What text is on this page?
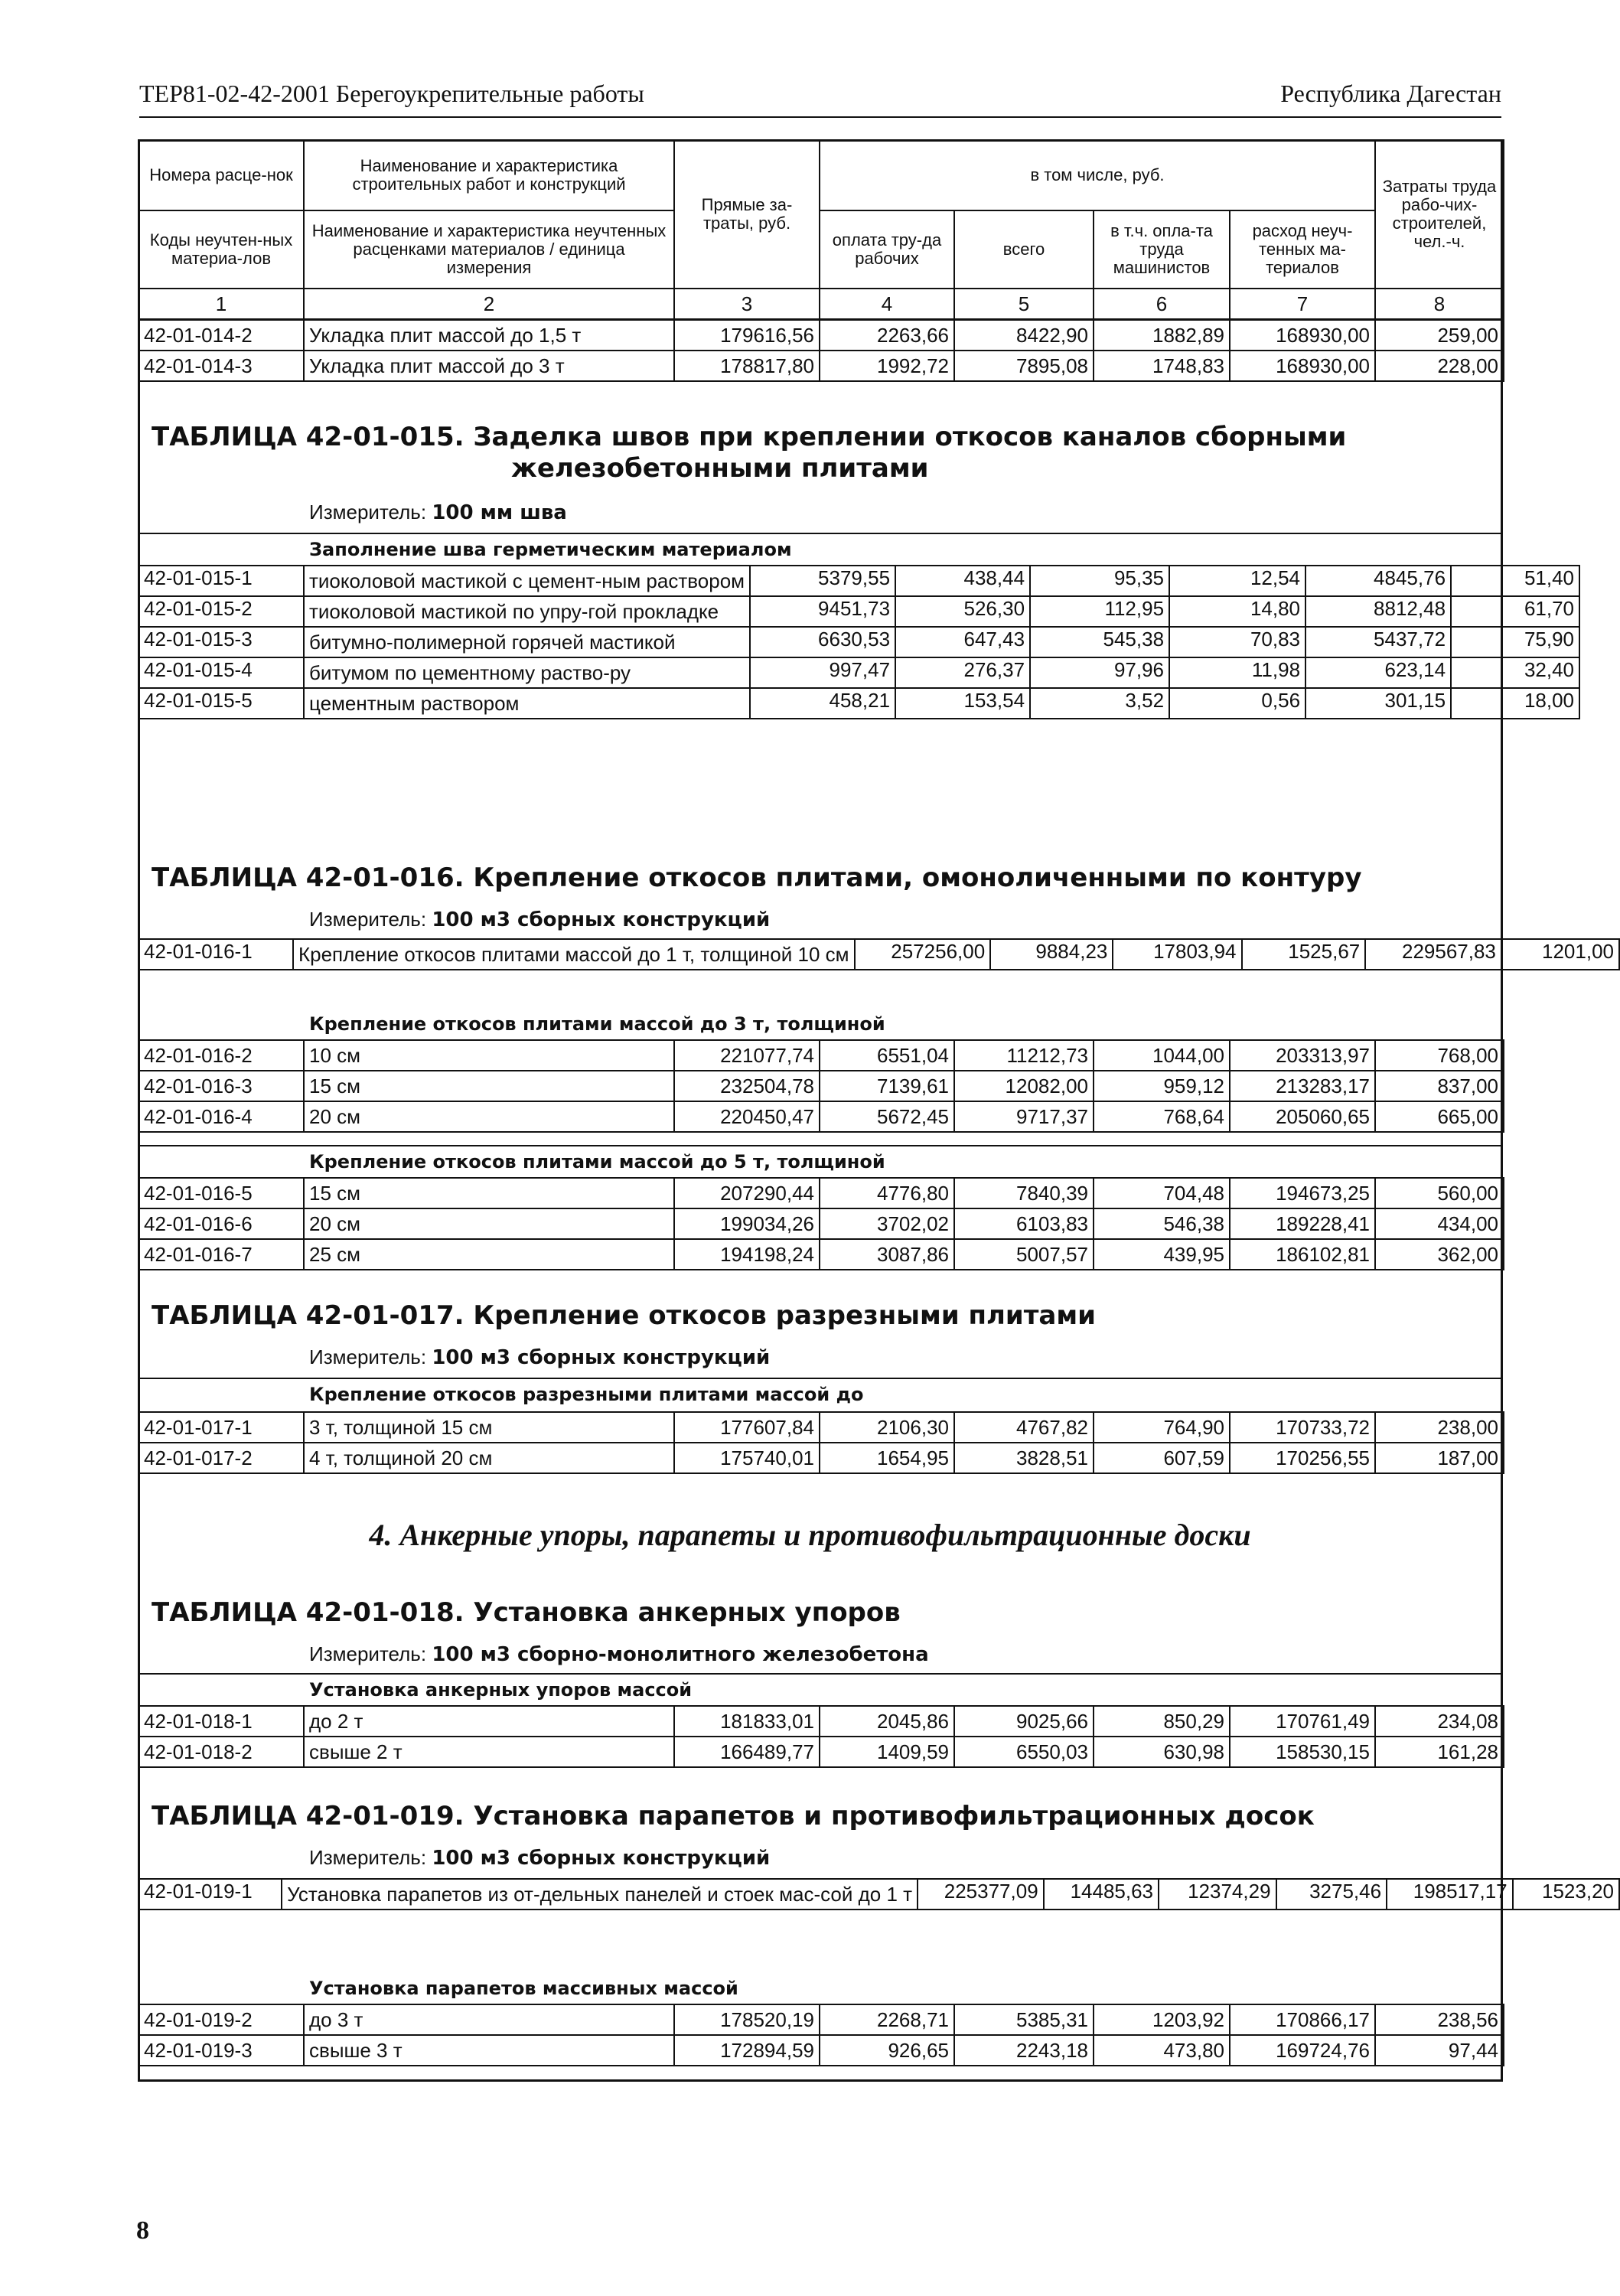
ТЕР81-02-42-2001 Берегоукрепительные работы	Республика Дагестан
Номера расце-нок	Наименование и характеристика строительных работ и конструкций	Прямые за-траты, руб.	в том числе, руб.				Затраты труда рабо-чих-строителей, чел.-ч.
Коды неучтен-ных материа-лов	Наименование и характеристика неучтенных расценками материалов / единица измерения		оплата тру-да рабочих	всего	в т.ч. опла-та труда машинистов	расход неуч-тенных ма-териалов	
1	2	3	4	5	6	7	8
42-01-014-2	Укладка плит массой до 1,5 т	179616,56	2263,66	8422,90	1882,89	168930,00	259,00
42-01-014-3	Укладка плит массой до 3 т	178817,80	1992,72	7895,08	1748,83	168930,00	228,00
ТАБЛИЦА 42-01-015. Заделка швов при креплении откосов каналов сборными
железобетонными плитами
Измеритель: 100 мм шва
Заполнение шва герметическим материалом
42-01-015-1	тиоколовой мастикой с цемент-ным раствором	5379,55	438,44	95,35	12,54	4845,76	51,40
42-01-015-2	тиоколовой мастикой по упру-гой прокладке	9451,73	526,30	112,95	14,80	8812,48	61,70
42-01-015-3	битумно-полимерной горячей мастикой	6630,53	647,43	545,38	70,83	5437,72	75,90
42-01-015-4	битумом по цементному раство-ру	997,47	276,37	97,96	11,98	623,14	32,40
42-01-015-5	цементным раствором	458,21	153,54	3,52	0,56	301,15	18,00
ТАБЛИЦА 42-01-016. Крепление откосов плитами, омоноличенными по контуру
Измеритель: 100 м3 сборных конструкций
42-01-016-1	Крепление откосов плитами массой до 1 т, толщиной 10 см	257256,00	9884,23	17803,94	1525,67	229567,83	1201,00
Крепление откосов плитами массой до 3 т, толщиной
42-01-016-2	10 см	221077,74	6551,04	11212,73	1044,00	203313,97	768,00
42-01-016-3	15 см	232504,78	7139,61	12082,00	959,12	213283,17	837,00
42-01-016-4	20 см	220450,47	5672,45	9717,37	768,64	205060,65	665,00
Крепление откосов плитами массой до 5 т, толщиной
42-01-016-5	15 см	207290,44	4776,80	7840,39	704,48	194673,25	560,00
42-01-016-6	20 см	199034,26	3702,02	6103,83	546,38	189228,41	434,00
42-01-016-7	25 см	194198,24	3087,86	5007,57	439,95	186102,81	362,00
ТАБЛИЦА 42-01-017. Крепление откосов разрезными плитами
Измеритель: 100 м3 сборных конструкций
Крепление откосов разрезными плитами массой до
42-01-017-1	3 т, толщиной 15 см	177607,84	2106,30	4767,82	764,90	170733,72	238,00
42-01-017-2	4 т, толщиной 20 см	175740,01	1654,95	3828,51	607,59	170256,55	187,00
4. Анкерные упоры, парапеты и противофильтрационные доски
ТАБЛИЦА 42-01-018. Установка анкерных упоров
Измеритель: 100 м3 сборно-монолитного железобетона
Установка анкерных упоров массой
42-01-018-1	до 2 т	181833,01	2045,86	9025,66	850,29	170761,49	234,08
42-01-018-2	свыше 2 т	166489,77	1409,59	6550,03	630,98	158530,15	161,28
ТАБЛИЦА 42-01-019. Установка парапетов и противофильтрационных досок
Измеритель: 100 м3 сборных конструкций
42-01-019-1	Установка парапетов из от-дельных панелей и стоек мас-сой до 1 т	225377,09	14485,63	12374,29	3275,46	198517,17	1523,20
Установка парапетов массивных массой
42-01-019-2	до 3 т	178520,19	2268,71	5385,31	1203,92	170866,17	238,56
42-01-019-3	свыше 3 т	172894,59	926,65	2243,18	473,80	169724,76	97,44
8
